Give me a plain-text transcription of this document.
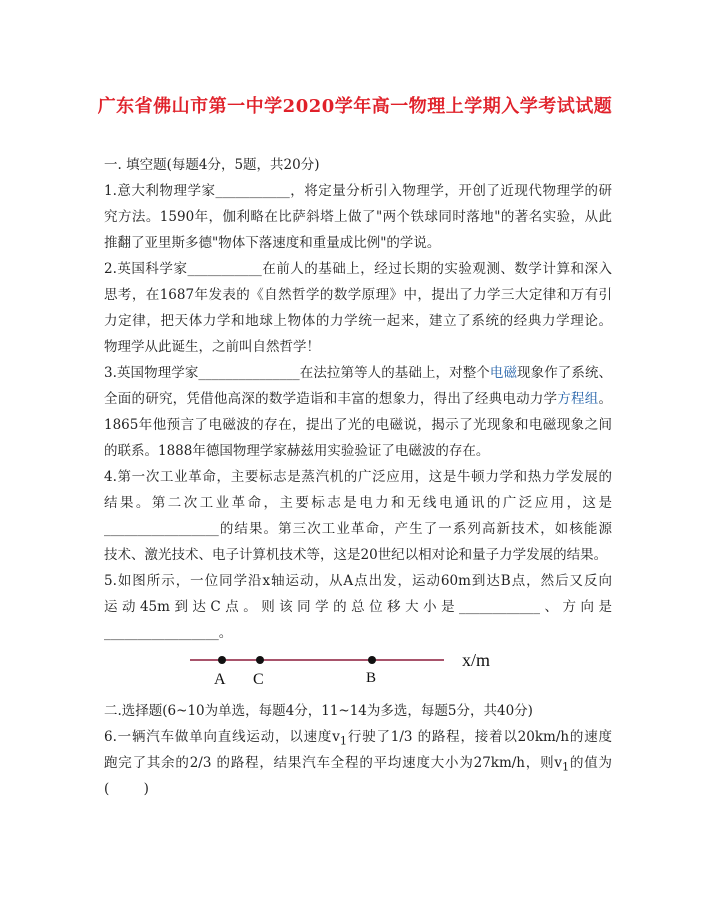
广东省佛山市第一中学2020学年高一物理上学期入学考试试题
一. 填空题(每题4分，5题，共20分)
1.意大利物理学家___________，将定量分析引入物理学，开创了近现代物理学的研
究方法。1590年，伽利略在比萨斜塔上做了"两个铁球同时落地"的著名实验，从此
推翻了亚里斯多德"物体下落速度和重量成比例"的学说。
2.英国科学家___________在前人的基础上，经过长期的实验观测、数学计算和深入
思考，在1687年发表的《自然哲学的数学原理》中，提出了力学三大定律和万有引
力定律，把天体力学和地球上物体的力学统一起来，建立了系统的经典力学理论。
物理学从此诞生，之前叫自然哲学！
3.英国物理学家_______________在法拉第等人的基础上，对整个电磁现象作了系统、
全面的研究，凭借他高深的数学造诣和丰富的想象力，得出了经典电动力学方程组。
1865年他预言了电磁波的存在，提出了光的电磁说，揭示了光现象和电磁现象之间
的联系。1888年德国物理学家赫兹用实验验证了电磁波的存在。
4.第一次工业革命，主要标志是蒸汽机的广泛应用，这是牛顿力学和热力学发展的
结果。第二次工业革命，主要标志是电力和无线电通讯的广泛应用，这是
_________________的结果。第三次工业革命，产生了一系列高新技术，如核能源
技术、激光技术、电子计算机技术等，这是20世纪以相对论和量子力学发展的结果。
5.如图所示，一位同学沿x轴运动，从A点出发，运动60m到达B点，然后又反向
运动45m到达C点。则该同学的总位移大小是____________、方向是
_________________。
A C	B
x/m
二.选择题(6~10为单选，每题4分，11~14为多选，每题5分，共40分)
6.一辆汽车做单向直线运动，以速度$v_1$行驶了1/3 的路程，接着以20km/h的速度
跑完了其余的2/3 的路程，结果汽车全程的平均速度大小为27km/h，则$v_1$的值为
(        )
